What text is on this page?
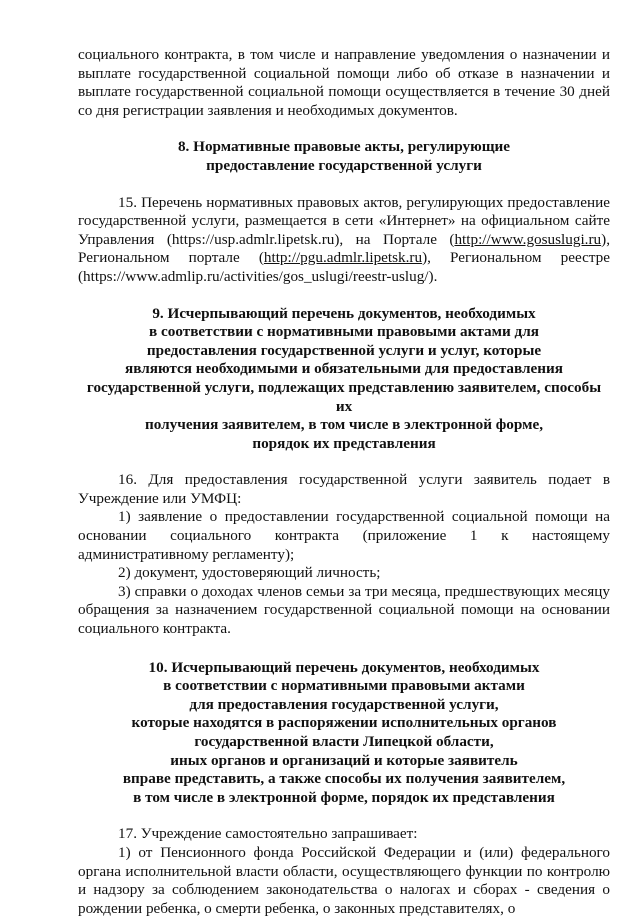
социального контракта, в том числе и направление уведомления о назначении и выплате государственной социальной помощи либо об отказе в назначении и выплате государственной социальной помощи осуществляется в течение 30 дней со дня регистрации заявления и необходимых документов.

8. Нормативные правовые акты, регулирующие
предоставление государственной услуги

15. Перечень нормативных правовых актов, регулирующих предоставление государственной услуги, размещается в сети «Интернет» на официальном сайте Управления (https://usp.admlr.lipetsk.ru), на Портале (http://www.gosuslugi.ru), Региональном портале (http://pgu.admlr.lipetsk.ru), Региональном реестре (https://www.admlip.ru/activities/gos_uslugi/reestr-uslug/).

9. Исчерпывающий перечень документов, необходимых
в соответствии с нормативными правовыми актами для
предоставления государственной услуги и услуг, которые
являются необходимыми и обязательными для предоставления
государственной услуги, подлежащих представлению заявителем, способы их
получения заявителем, в том числе в электронной форме,
порядок их представления

16. Для предоставления государственной услуги заявитель подает в Учреждение или УМФЦ:

1) заявление о предоставлении государственной социальной помощи на основании социального контракта (приложение 1 к настоящему административному регламенту);

2) документ, удостоверяющий личность;

3) справки о доходах членов семьи за три месяца, предшествующих месяцу обращения за назначением государственной социальной помощи на основании социального контракта.

10. Исчерпывающий перечень документов, необходимых
в соответствии с нормативными правовыми актами
для предоставления государственной услуги,
которые находятся в распоряжении исполнительных органов
государственной власти Липецкой области,
иных органов и организаций и которые заявитель
вправе представить, а также способы их получения заявителем,
в том числе в электронной форме, порядок их представления

17. Учреждение самостоятельно запрашивает:

1) от Пенсионного фонда Российской Федерации и (или) федерального органа исполнительной власти области, осуществляющего функции по контролю и надзору за соблюдением законодательства о налогах и сборах - сведения о рождении ребенка, о смерти ребенка, о законных представителях, о
